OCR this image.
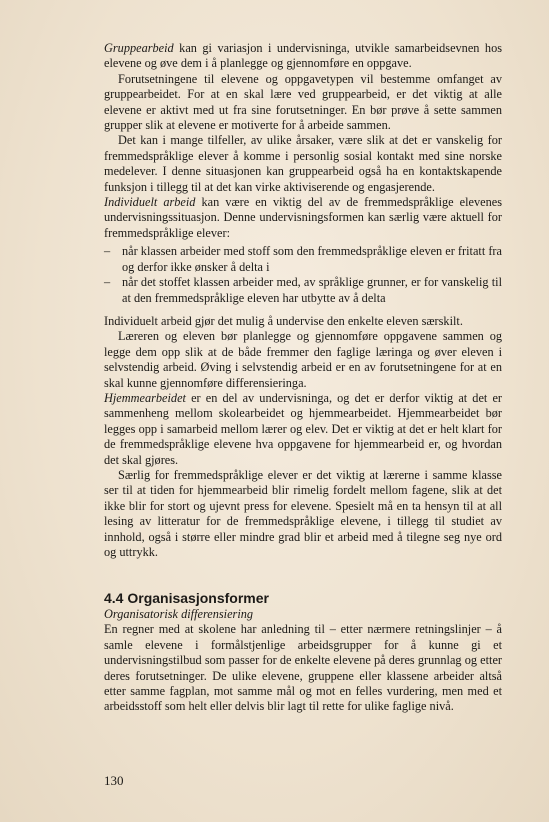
Gruppearbeid kan gi variasjon i undervisninga, utvikle samarbeidsevnen hos elevene og øve dem i å planlegge og gjennomføre en oppgave.

Forutsetningene til elevene og oppgavetypen vil bestemme omfanget av gruppearbeidet. For at en skal lære ved gruppearbeid, er det viktig at alle elevene er aktivt med ut fra sine forutsetninger. En bør prøve å sette sammen grupper slik at elevene er motiverte for å arbeide sammen.

Det kan i mange tilfeller, av ulike årsaker, være slik at det er vanskelig for fremmedspråklige elever å komme i personlig sosial kontakt med sine norske medelever. I denne situasjonen kan gruppearbeid også ha en kontaktskapende funksjon i tillegg til at det kan virke aktiviserende og engasjerende.

Individuelt arbeid kan være en viktig del av de fremmedspråklige elevenes undervisningssituasjon. Denne undervisningsformen kan særlig være aktuell for fremmedspråklige elever:

– når klassen arbeider med stoff som den fremmedspråklige eleven er fritatt fra og derfor ikke ønsker å delta i
– når det stoffet klassen arbeider med, av språklige grunner, er for vanskelig til at den fremmedspråklige eleven har utbytte av å delta

Individuelt arbeid gjør det mulig å undervise den enkelte eleven særskilt.

Læreren og eleven bør planlegge og gjennomføre oppgavene sammen og legge dem opp slik at de både fremmer den faglige læringa og øver eleven i selvstendig arbeid. Øving i selvstendig arbeid er en av forutsetningene for at en skal kunne gjennomføre differensieringa.

Hjemmearbeidet er en del av undervisninga, og det er derfor viktig at det er sammenheng mellom skolearbeidet og hjemmearbeidet. Hjemmearbeidet bør legges opp i samarbeid mellom lærer og elev. Det er viktig at det er helt klart for de fremmedspråklige elevene hva oppgavene for hjemmearbeid er, og hvordan det skal gjøres.

Særlig for fremmedspråklige elever er det viktig at lærerne i samme klasse ser til at tiden for hjemmearbeid blir rimelig fordelt mellom fagene, slik at det ikke blir for stort og ujevnt press for elevene. Spesielt må en ta hensyn til at all lesing av litteratur for de fremmedspråklige elevene, i tillegg til studiet av innhold, også i større eller mindre grad blir et arbeid med å tilegne seg nye ord og uttrykk.

4.4 Organisasjonsformer
Organisatorisk differensiering

En regner med at skolene har anledning til – etter nærmere retningslinjer – å samle elevene i formålstjenlige arbeidsgrupper for å kunne gi et undervisningstilbud som passer for de enkelte elevene på deres grunnlag og etter deres forutsetninger. De ulike elevene, gruppene eller klassene arbeider altså etter samme fagplan, mot samme mål og mot en felles vurdering, men med et arbeidsstoff som helt eller delvis blir lagt til rette for ulike faglige nivå.

130
